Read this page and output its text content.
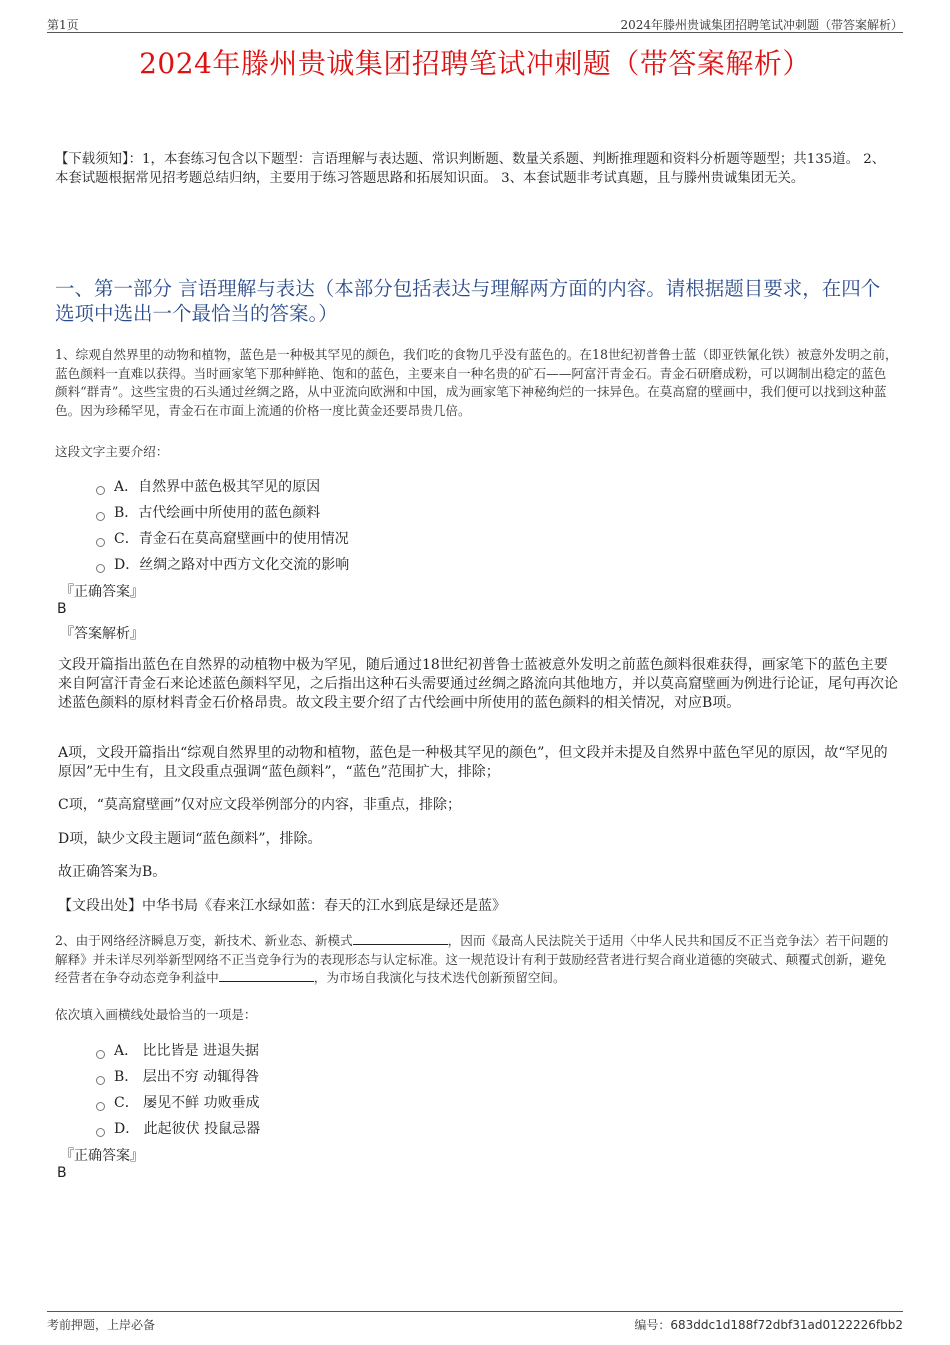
第1页	2024年滕州贵诚集团招聘笔试冲刺题（带答案解析）
2024年滕州贵诚集团招聘笔试冲刺题（带答案解析）
【下载须知】：1，本套练习包含以下题型：言语理解与表达题、常识判断题、数量关系题、判断推理题和资料分析题等题型；共135道。 2、本套试题根据常见招考题总结归纳，主要用于练习答题思路和拓展知识面。 3、本套试题非考试真题，且与滕州贵诚集团无关。
一、第一部分 言语理解与表达（本部分包括表达与理解两方面的内容。请根据题目要求，在四个选项中选出一个最恰当的答案。）
1、综观自然界里的动物和植物，蓝色是一种极其罕见的颜色，我们吃的食物几乎没有蓝色的。在18世纪初普鲁士蓝（即亚铁氰化铁）被意外发明之前，蓝色颜料一直难以获得。当时画家笔下那种鲜艳、饱和的蓝色，主要来自一种名贵的矿石——阿富汗青金石。青金石研磨成粉，可以调制出稳定的蓝色颜料“群青”。这些宝贵的石头通过丝绸之路，从中亚流向欧洲和中国，成为画家笔下神秘绚烂的一抹异色。在莫高窟的壁画中，我们便可以找到这种蓝色。因为珍稀罕见，青金石在市面上流通的价格一度比黄金还要昂贵几倍。
这段文字主要介绍：
A．自然界中蓝色极其罕见的原因
B．古代绘画中所使用的蓝色颜料
C．青金石在莫高窟壁画中的使用情况
D．丝绸之路对中西方文化交流的影响
『正确答案』
B
『答案解析』
文段开篇指出蓝色在自然界的动植物中极为罕见，随后通过18世纪初普鲁士蓝被意外发明之前蓝色颜料很难获得，画家笔下的蓝色主要来自阿富汗青金石来论述蓝色颜料罕见，之后指出这种石头需要通过丝绸之路流向其他地方，并以莫高窟壁画为例进行论证，尾句再次论述蓝色颜料的原材料青金石价格昂贵。故文段主要介绍了古代绘画中所使用的蓝色颜料的相关情况，对应B项。
A项，文段开篇指出“综观自然界里的动物和植物，蓝色是一种极其罕见的颜色”，但文段并未提及自然界中蓝色罕见的原因，故“罕见的原因”无中生有，且文段重点强调“蓝色颜料”，“蓝色”范围扩大，排除；
C项，“莫高窟壁画”仅对应文段举例部分的内容，非重点，排除；
D项，缺少文段主题词“蓝色颜料”，排除。
故正确答案为B。
【文段出处】中华书局《春来江水绿如蓝：春天的江水到底是绿还是蓝》
2、由于网络经济瞬息万变，新技术、新业态、新模式	，因而《最高人民法院关于适用〈中华人民共和国反不正当竞争法〉若干问题的解释》并未详尽列举新型网络不正当竞争行为的表现形态与认定标准。这一规范设计有利于鼓励经营者进行契合商业道德的突破式、颠覆式创新，避免经营者在争夺动态竞争利益中	，为市场自我演化与技术迭代创新预留空间。
依次填入画横线处最恰当的一项是：
A． 比比皆是 进退失据
B． 层出不穷 动辄得咎
C． 屡见不鲜 功败垂成
D． 此起彼伏 投鼠忌器
『正确答案』
B
考前押题，上岸必备	编号：683ddc1d188f72dbf31ad0122226fbb2
